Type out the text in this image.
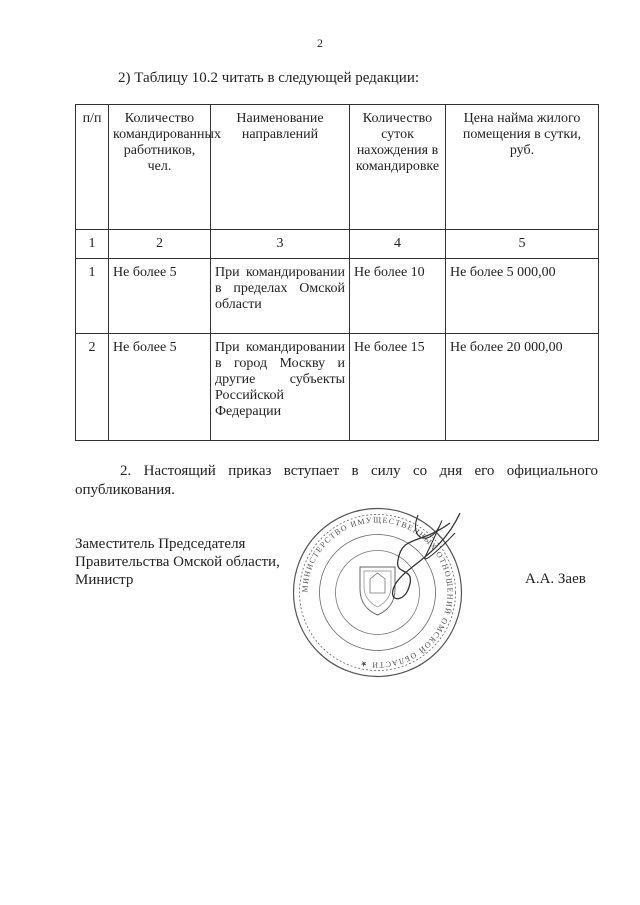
2
2) Таблицу 10.2 читать в следующей редакции:
п/п	Количество командированных работников, чел.	Наименование направлений	Количество суток нахождения в командировке	Цена найма жилого помещения в сутки, руб.
1	2	3	4	5
1	Не более 5	При командировании в пределах Омской области	Не более 10	Не более 5 000,00
2	Не более 5	При командировании в город Москву и другие субъекты Российской Федерации	Не более 15	Не более 20 000,00
2. Настоящий приказ вступает в силу со дня его официального опубликования.
Заместитель Председателя
Правительства Омской области,
Министр
МИНИСТЕРСТВО ИМУЩЕСТВЕННЫХ ОТНОШЕНИЙ ОМСКОЙ ОБЛАСТИ ★
А.А. Заев
